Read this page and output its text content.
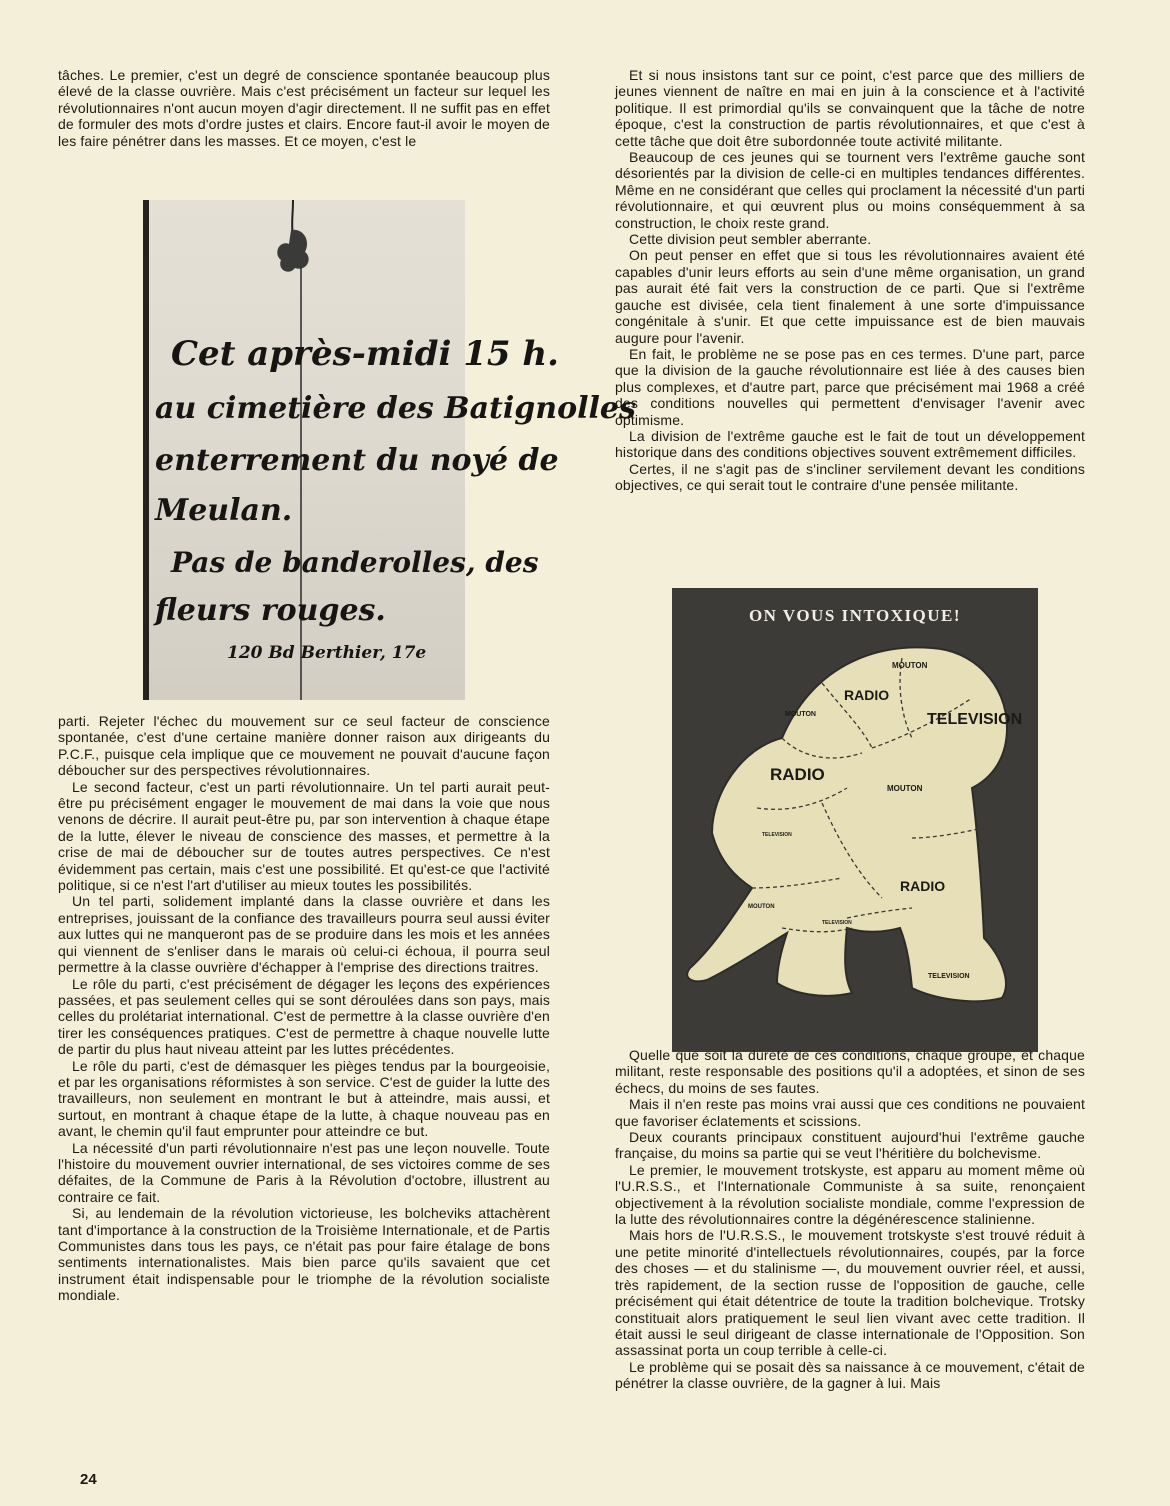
tâches. Le premier, c'est un degré de conscience spontanée beaucoup plus élevé de la classe ouvrière. Mais c'est précisément un facteur sur lequel les révolutionnaires n'ont aucun moyen d'agir directement. Il ne suffit pas en effet de formuler des mots d'ordre justes et clairs. Encore faut-il avoir le moyen de les faire pénétrer dans les masses. Et ce moyen, c'est le

Cet après-midi 15 h.
au cimetière des Batignolles
enterrement du noyé de
Meulan.
Pas de banderolles, des
fleurs rouges.
120 Bd Berthier, 17e

parti. Rejeter l'échec du mouvement sur ce seul facteur de conscience spontanée, c'est d'une certaine manière donner raison aux dirigeants du P.C.F., puisque cela implique que ce mouvement ne pouvait d'aucune façon déboucher sur des perspectives révolutionnaires.

Le second facteur, c'est un parti révolutionnaire. Un tel parti aurait peut-être pu précisément engager le mouvement de mai dans la voie que nous venons de décrire. Il aurait peut-être pu, par son intervention à chaque étape de la lutte, élever le niveau de conscience des masses, et permettre à la crise de mai de déboucher sur de toutes autres perspectives. Ce n'est évidemment pas certain, mais c'est une possibilité. Et qu'est-ce que l'activité politique, si ce n'est l'art d'utiliser au mieux toutes les possibilités.

Un tel parti, solidement implanté dans la classe ouvrière et dans les entreprises, jouissant de la confiance des travailleurs pourra seul aussi éviter aux luttes qui ne manqueront pas de se produire dans les mois et les années qui viennent de s'enliser dans le marais où celui-ci échoua, il pourra seul permettre à la classe ouvrière d'échapper à l'emprise des directions traitres.

Le rôle du parti, c'est précisément de dégager les leçons des expériences passées, et pas seulement celles qui se sont déroulées dans son pays, mais celles du prolétariat international. C'est de permettre à la classe ouvrière d'en tirer les conséquences pratiques. C'est de permettre à chaque nouvelle lutte de partir du plus haut niveau atteint par les luttes précédentes.

Le rôle du parti, c'est de démasquer les pièges tendus par la bourgeoisie, et par les organisations réformistes à son service. C'est de guider la lutte des travailleurs, non seulement en montrant le but à atteindre, mais aussi, et surtout, en montrant à chaque étape de la lutte, à chaque nouveau pas en avant, le chemin qu'il faut emprunter pour atteindre ce but.

La nécessité d'un parti révolutionnaire n'est pas une leçon nouvelle. Toute l'histoire du mouvement ouvrier international, de ses victoires comme de ses défaites, de la Commune de Paris à la Révolution d'octobre, illustrent au contraire ce fait.

Si, au lendemain de la révolution victorieuse, les bolcheviks attachèrent tant d'importance à la construction de la Troisième Internationale, et de Partis Communistes dans tous les pays, ce n'était pas pour faire étalage de bons sentiments internationalistes. Mais bien parce qu'ils savaient que cet instrument était indispensable pour le triomphe de la révolution socialiste mondiale.

Et si nous insistons tant sur ce point, c'est parce que des milliers de jeunes viennent de naître en mai en juin à la conscience et à l'activité politique. Il est primordial qu'ils se convainquent que la tâche de notre époque, c'est la construction de partis révolutionnaires, et que c'est à cette tâche que doit être subordonnée toute activité militante.

Beaucoup de ces jeunes qui se tournent vers l'extrême gauche sont désorientés par la division de celle-ci en multiples tendances différentes. Même en ne considérant que celles qui proclament la nécessité d'un parti révolutionnaire, et qui œuvrent plus ou moins conséquemment à sa construction, le choix reste grand.

Cette division peut sembler aberrante.

On peut penser en effet que si tous les révolutionnaires avaient été capables d'unir leurs efforts au sein d'une même organisation, un grand pas aurait été fait vers la construction de ce parti. Que si l'extrême gauche est divisée, cela tient finalement à une sorte d'impuissance congénitale à s'unir. Et que cette impuissance est de bien mauvais augure pour l'avenir.

En fait, le problème ne se pose pas en ces termes. D'une part, parce que la division de la gauche révolutionnaire est liée à des causes bien plus complexes, et d'autre part, parce que précisément mai 1968 a créé des conditions nouvelles qui permettent d'envisager l'avenir avec optimisme.

La division de l'extrême gauche est le fait de tout un développement historique dans des conditions objectives souvent extrêmement difficiles.

Certes, il ne s'agit pas de s'incliner servilement devant les conditions objectives, ce qui serait tout le contraire d'une pensée militante.

MOUTON
RADIO
MOUTON	TELEVISION
RADIO
MOUTON
TELEVISION
RADIO
MOUTON
TELEVISION
TELEVISION
ON VOUS INTOXIQUE!

Quelle que soit la dureté de ces conditions, chaque groupe, et chaque militant, reste responsable des positions qu'il a adoptées, et sinon de ses échecs, du moins de ses fautes.

Mais il n'en reste pas moins vrai aussi que ces conditions ne pouvaient que favoriser éclatements et scissions.

Deux courants principaux constituent aujourd'hui l'extrême gauche française, du moins sa partie qui se veut l'héritière du bolchevisme.

Le premier, le mouvement trotskyste, est apparu au moment même où l'U.R.S.S., et l'Internationale Communiste à sa suite, renonçaient objectivement à la révolution socialiste mondiale, comme l'expression de la lutte des révolutionnaires contre la dégénérescence stalinienne.

Mais hors de l'U.R.S.S., le mouvement trotskyste s'est trouvé réduit à une petite minorité d'intellectuels révolutionnaires, coupés, par la force des choses — et du stalinisme —, du mouvement ouvrier réel, et aussi, très rapidement, de la section russe de l'opposition de gauche, celle précisément qui était détentrice de toute la tradition bolchevique. Trotsky constituait alors pratiquement le seul lien vivant avec cette tradition. Il était aussi le seul dirigeant de classe internationale de l'Opposition. Son assassinat porta un coup terrible à celle-ci.

Le problème qui se posait dès sa naissance à ce mouvement, c'était de pénétrer la classe ouvrière, de la gagner à lui. Mais

24
